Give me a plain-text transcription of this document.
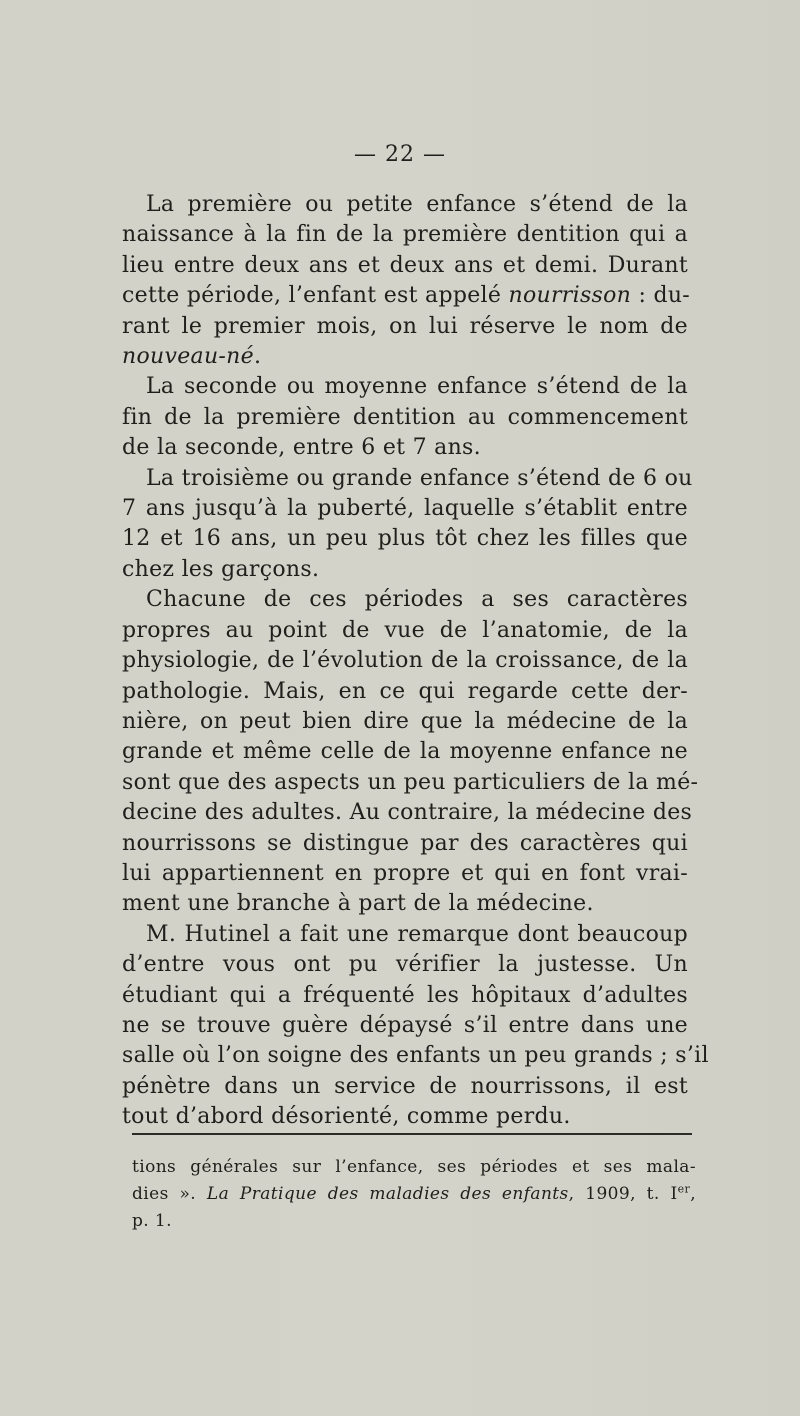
— 22 —
La première ou petite enfance s’étend de la
naissance à la fin de la première dentition qui a
lieu entre deux ans et deux ans et demi. Durant
cette période, l’enfant est appelé nourrisson : du-
rant le premier mois, on lui réserve le nom de
nouveau-né.
La seconde ou moyenne enfance s’étend de la
fin de la première dentition au commencement
de la seconde, entre 6 et 7 ans.
La troisième ou grande enfance s’étend de 6 ou
7 ans jusqu’à la puberté, laquelle s’établit entre
12 et 16 ans, un peu plus tôt chez les filles que
chez les garçons.
Chacune de ces périodes a ses caractères
propres au point de vue de l’anatomie, de la
physiologie, de l’évolution de la croissance, de la
pathologie. Mais, en ce qui regarde cette der-
nière, on peut bien dire que la médecine de la
grande et même celle de la moyenne enfance ne
sont que des aspects un peu particuliers de la mé-
decine des adultes. Au contraire, la médecine des
nourrissons se distingue par des caractères qui
lui appartiennent en propre et qui en font vrai-
ment une branche à part de la médecine.
M. Hutinel a fait une remarque dont beaucoup
d’entre vous ont pu vérifier la justesse. Un
étudiant qui a fréquenté les hôpitaux d’adultes
ne se trouve guère dépaysé s’il entre dans une
salle où l’on soigne des enfants un peu grands ; s’il
pénètre dans un service de nourrissons, il est
tout d’abord désorienté, comme perdu.
tions générales sur l’enfance, ses périodes et ses mala-
dies ». La Pratique des maladies des enfants, 1909, t. Ier,
p. 1.
